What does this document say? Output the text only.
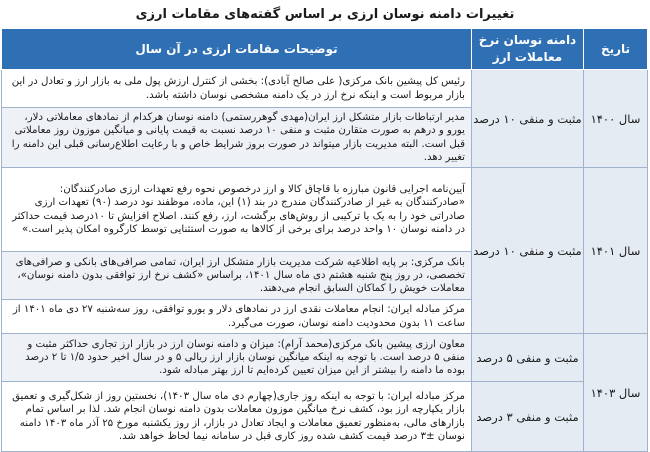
تغییرات دامنه نوسان ارزی بر اساس گفته‌های مقامات ارزی
تاریخ	دامنه نوسان نرخ معاملات ارز	توضیحات مقامات ارزی در آن سال
سال ۱۴۰۰	مثبت و منفی ۱۰ درصد	رئیس کل پیشین بانک مرکزی( علی صالح آبادی): بخشی از کنترل ارزش پول ملی به بازار ارز و تعادل در این بازار مربوط است و اینکه نرخ ارز در یک دامنه مشخصی نوسان داشته باشد.
		مدیر ارتباطات بازار متشکل ارز ایران(مهدی گوهررستمی) دامنه نوسان هرکدام از نمادهای معاملاتی دلار، یورو و درهم به صورت متقارن مثبت و منفی ۱۰ درصد نسبت به قیمت پایانی و میانگین موزون روز معاملاتی قبل است. البته مدیریت بازار میتواند در صورت بروز شرایط خاص و با رعایت اطلاع‌رسانی قبلی این دامنه را تغییر دهد.
سال ۱۴۰۱	مثبت و منفی ۱۰ درصد	آیین‌نامه اجرایی قانون مبارزه با قاچاق کالا و ارز درخصوص نحوه رفع تعهدات ارزی صادرکنندگان: «صادرکنندگان به غیر از صادرکنندگان مندرج در بند (۱) این، ماده، موظفند نود درصد (۹۰) تعهدات ارزی صادراتی خود را به یک یا ترکیبی از روش‌های برگشت، ارز، رفع کنند. اصلاح افزایش تا ۱۰درصد قیمت حداکثر در دامنه نوسان ۱۰ واحد درصد برای برخی از کالاها به صورت استثنایی توسط کارگروه امکان پذیر است.»
		بانک مرکزی: بر پایه اطلاعیه شرکت مدیریت بازار متشکل ارز ایران، تمامی صرافی‌های بانکی و صرافی‌های تخصصی، در روز پنج شنبه هشتم دی ماه سال ۱۴۰۱، براساس «کشف نرخ ارز توافقی بدون دامنه نوسان»، معاملات خویش را کماکان السابق انجام می‌دهند.
		مرکز مبادله ایران: انجام معاملات نقدی ارز در نمادهای دلار و یورو توافقی، روز سه‌شنبه ۲۷ دی ماه ۱۴۰۱ از ساعت ۱۱ بدون محدودیت دامنه نوسان، صورت می‌گیرد.
سال ۱۴۰۳	مثبت و منفی ۵ درصد	معاون ارزی پیشین بانک مرکزی(محمد آرام): میزان و دامنه نوسان ارز در بازار ارز تجاری حداکثر مثبت و منفی ۵ درصد است. با توجه به اینکه میانگین نوسان بازار ارز ریالی ۵ و در سال اخیر حدود ۱/۵ تا ۲ درصد بوده ما دامنه را بیشتر از این میزان تعیین کرده‌ایم تا ارز بهتر مبادله شود.
	مثبت و منفی ۳ درصد	مرکز مبادله ایران: با توجه به اینکه روز جاری(چهارم دی ماه سال ۱۴۰۳)، نخستین روز از شکل‌گیری و تعمیق بازار یکپارچه ارز بود، کشف نرخ میانگین موزون معاملات بدون دامنه نوسان انجام شد. لذا بر اساس تمام بازارهای مالی، به‌منظور تعمیق معاملات و ایجاد تعادل در بازار، از روز یکشنبه مورخ ۲۵ آذر ماه ۱۴۰۳ دامنه نوسان ±۳ درصد قیمت کشف شده روز کاری قبل در سامانه نیما لحاظ خواهد شد.
